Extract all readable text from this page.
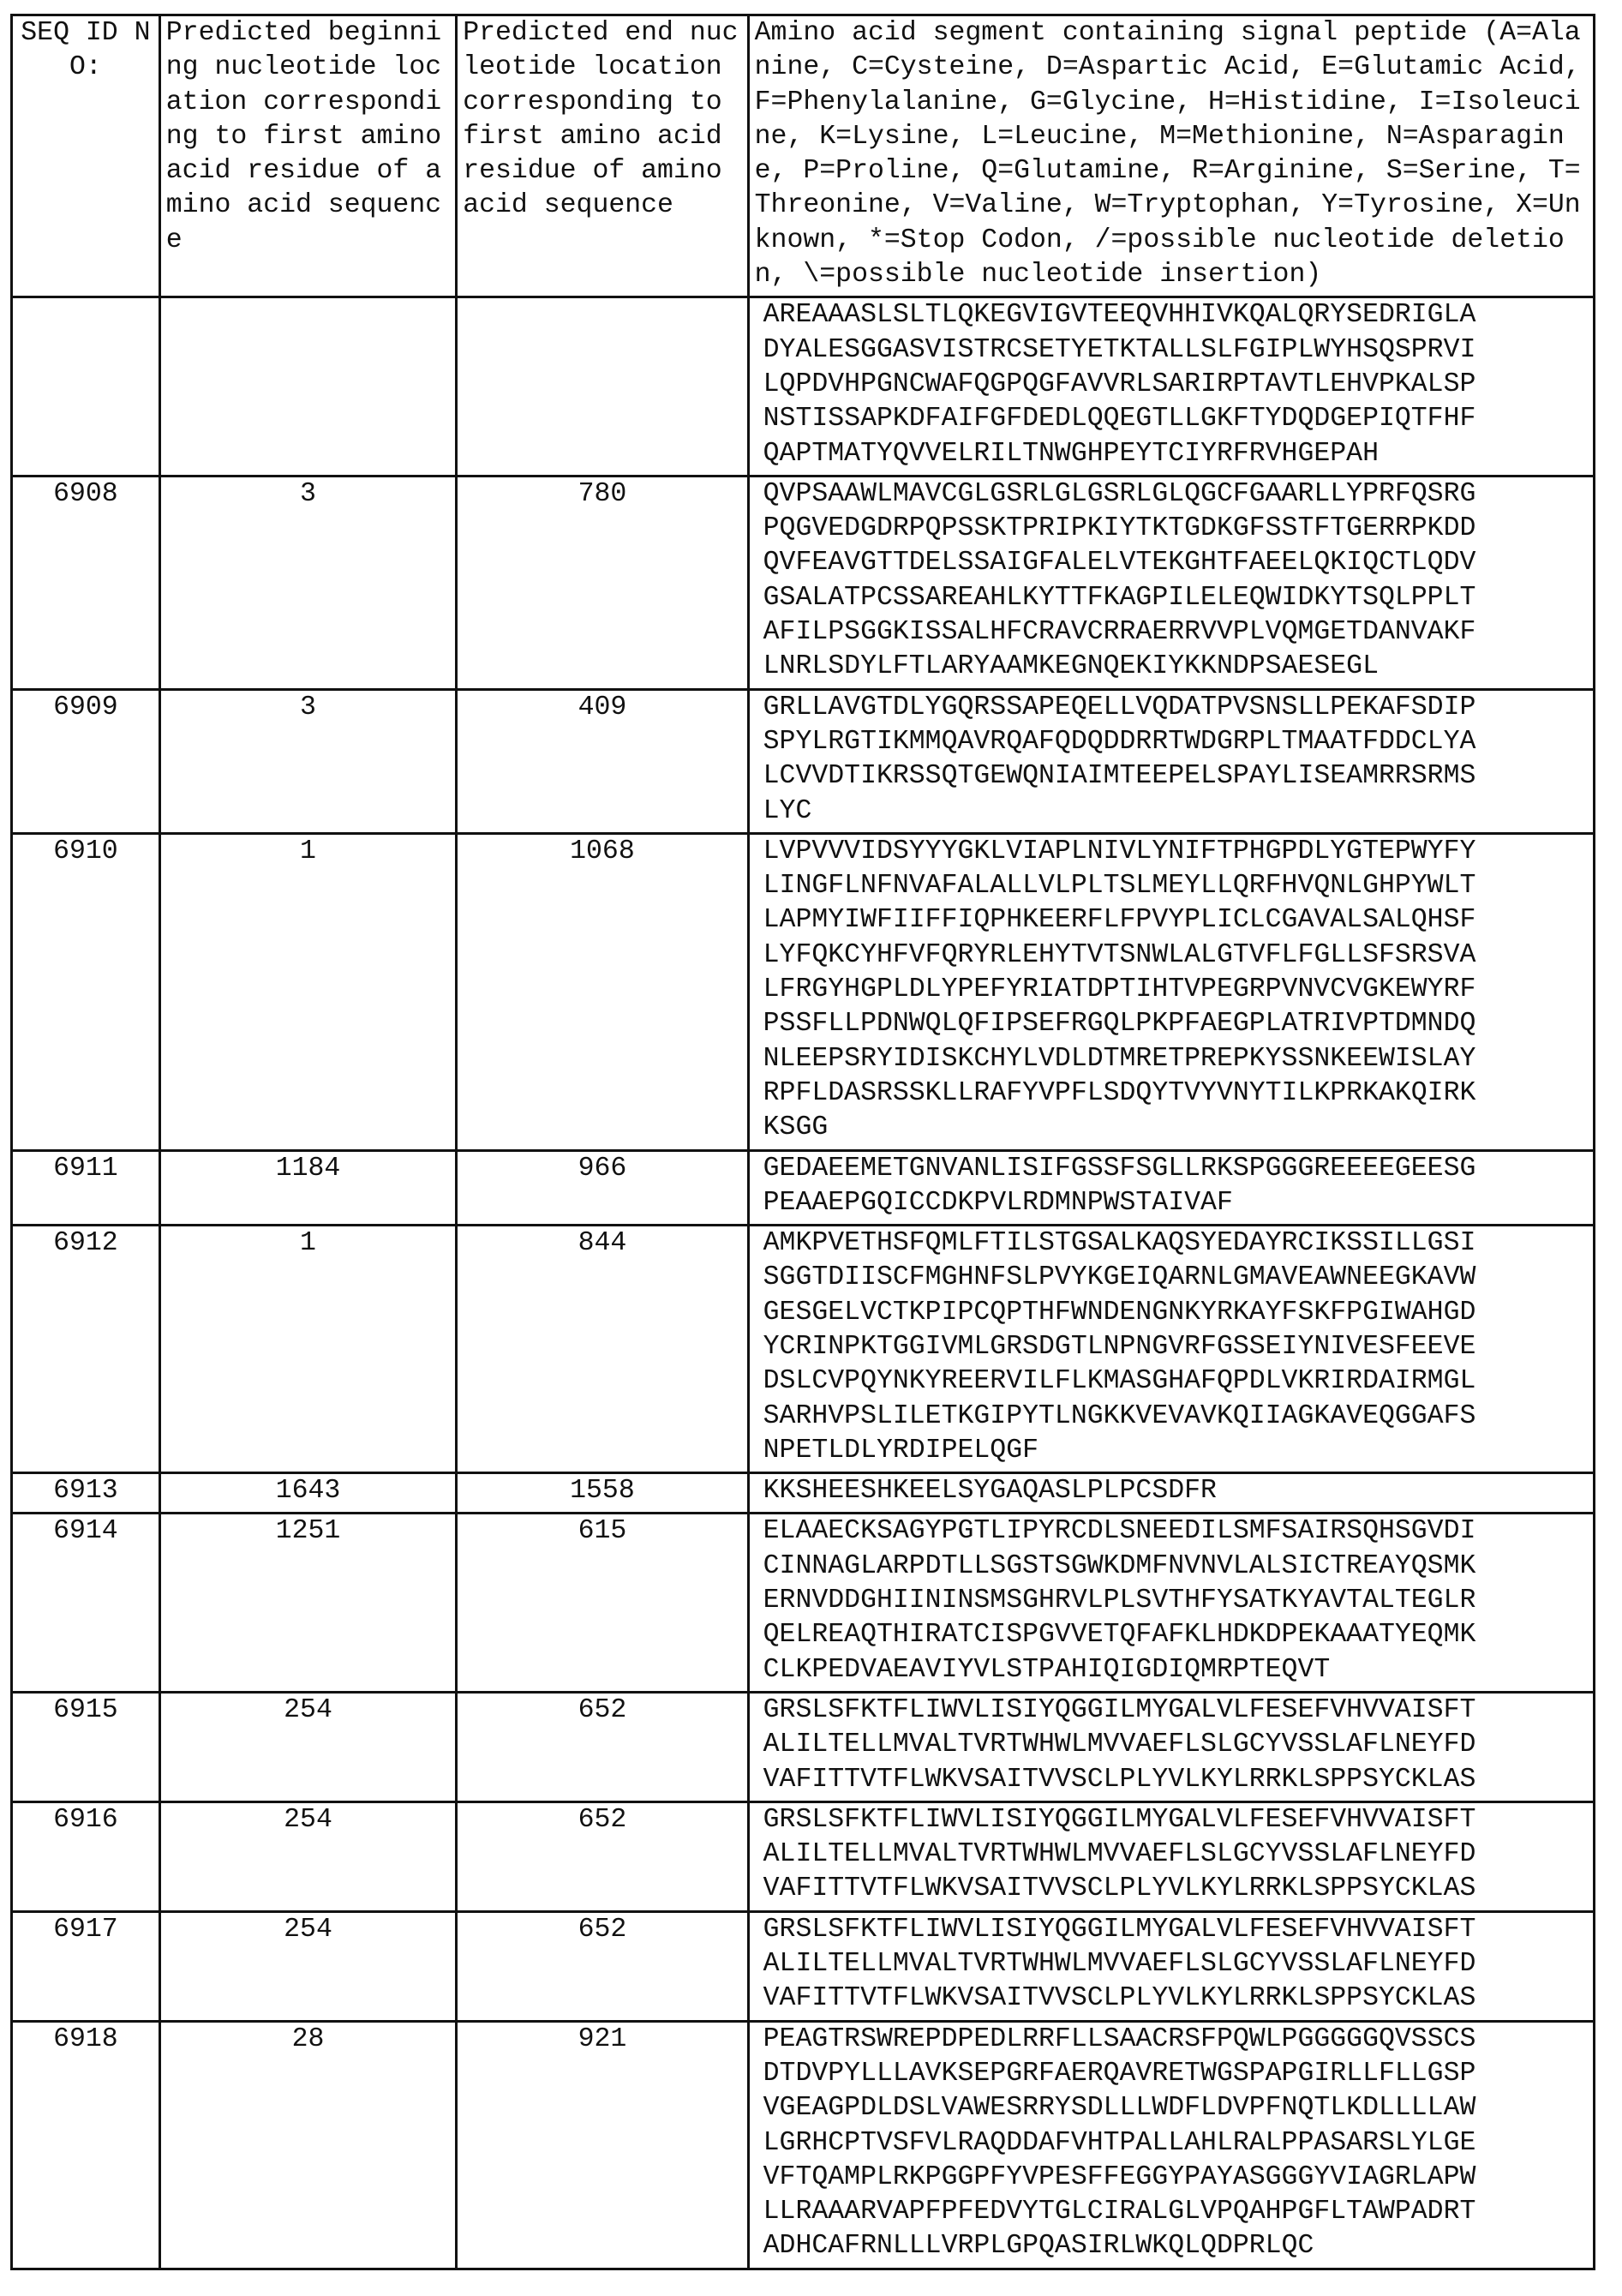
SEQ ID NO:	Predicted beginning nucleotide location corresponding to first amino acid residue of amino acid sequence	Predicted end nucleotide location corresponding to first amino acid residue of amino acid sequence	Amino acid segment containing signal peptide (A=Alanine, C=Cysteine, D=Aspartic Acid, E=Glutamic Acid, F=Phenylalanine, G=Glycine, H=Histidine, I=Isoleucine, K=Lysine, L=Leucine, M=Methionine, N=Asparagine, P=Proline, Q=Glutamine, R=Arginine, S=Serine, T=Threonine, V=Valine, W=Tryptophan, Y=Tyrosine, X=Unknown, *=Stop Codon, /=possible nucleotide deletion, \=possible nucleotide insertion)
			AREAAASLSLTLQKEGVIGVTEEQVHHIVKQALQRYSEDRIGLA
DYALESGGASVISTRCSETYETKTALLSLFGIPLWYHSQSPRVI
LQPDVHPGNCWAFQGPQGFAVVRLSARIRPTAVTLEHVPKALSP
NSTISSAPKDFAIFGFDEDLQQEGTLLGKFTYDQDGEPIQTFHF
QAPTMATYQVVELRILTNWGHPEYTCIYRFRVHGEPAH
6908	3	780	QVPSAAWLMAVCGLGSRLGLGSRLGLQGCFGAARLLYPRFQSRG
PQGVEDGDRPQPSSKTPRIPKIYTKTGDKGFSSTFTGERRPKDD
QVFEAVGTTDELSSAIGFALELVTEKGHTFAEELQKIQCTLQDV
GSALATPCSSAREAHLKYTTFKAGPILELEQWIDKYTSQLPPLT
AFILPSGGKISSALHFCRAVCRRAERRVVPLVQMGETDANVAKF
LNRLSDYLFTLARYAAMKEGNQEKIYKKNDPSAESEGL
6909	3	409	GRLLAVGTDLYGQRSSAPEQELLVQDATPVSNSLLPEKAFSDIP
SPYLRGTIKMMQAVRQAFQDQDDRRTWDGRPLTMAATFDDCLYA
LCVVDTIKRSSQTGEWQNIAIMTEEPELSPAYLISEAMRRSRMS
LYC
6910	1	1068	LVPVVVIDSYYYGKLVIAPLNIVLYNIFTPHGPDLYGTEPWYFY
LINGFLNFNVAFALALLVLPLTSLMEYLLQRFHVQNLGHPYWLT
LAPMYIWFIIFFIQPHKEERFLFPVYPLICLCGAVALSALQHSF
LYFQKCYHFVFQRYRLEHYTVTSNWLALGTVFLFGLLSFSRSVA
LFRGYHGPLDLYPEFYRIATDPTIHTVPEGRPVNVCVGKEWYRF
PSSFLLPDNWQLQFIPSEFRGQLPKPFAEGPLATRIVPTDMNDQ
NLEEPSRYIDISKCHYLVDLDTMRETPREPKYSSNKEEWISLAY
RPFLDASRSSKLLRAFYVPFLSDQYTVYVNYTILKPRKAKQIRK
KSGG
6911	1184	966	GEDAEEMETGNVANLISIFGSSFSGLLRKSPGGGREEEEGEESG
PEAAEPGQICCDKPVLRDMNPWSTAIVAF
6912	1	844	AMKPVETHSFQMLFTILSTGSALKAQSYEDAYRCIKSSILLGSI
SGGTDIISCFMGHNFSLPVYKGEIQARNLGMAVEAWNEEGKAVW
GESGELVCTKPIPCQPTHFWNDENGNKYRKAYFSKFPGIWAHGD
YCRINPKTGGIVMLGRSDGTLNPNGVRFGSSEIYNIVESFEEVE
DSLCVPQYNKYREERVILFLKMASGHAFQPDLVKRIRDAIRMGL
SARHVPSLILETKGIPYTLNGKKVEVAVKQIIAGKAVEQGGAFS
NPETLDLYRDIPELQGF
6913	1643	1558	KKSHEESHKEELSYGAQASLPLPCSDFR
6914	1251	615	ELAAECKSAGYPGTLIPYRCDLSNEEDILSMFSAIRSQHSGVDI
CINNAGLARPDTLLSGSTSGWKDMFNVNVLALSICTREAYQSMK
ERNVDDGHIININSMSGHRVLPLSVTHFYSATKYAVTALTEGLR
QELREAQTHIRATCISPGVVETQFAFKLHDKDPEKAAATYEQMK
CLKPEDVAEAVIYVLSTPAHIQIGDIQMRPTEQVT
6915	254	652	GRSLSFKTFLIWVLISIYQGGILMYGALVLFESEFVHVVAISFT
ALILTELLMVALTVRTWHWLMVVAEFLSLGCYVSSLAFLNEYFD
VAFITTVTFLWKVSAITVVSCLPLYVLKYLRRKLSPPSYCKLAS
6916	254	652	GRSLSFKTFLIWVLISIYQGGILMYGALVLFESEFVHVVAISFT
ALILTELLMVALTVRTWHWLMVVAEFLSLGCYVSSLAFLNEYFD
VAFITTVTFLWKVSAITVVSCLPLYVLKYLRRKLSPPSYCKLAS
6917	254	652	GRSLSFKTFLIWVLISIYQGGILMYGALVLFESEFVHVVAISFT
ALILTELLMVALTVRTWHWLMVVAEFLSLGCYVSSLAFLNEYFD
VAFITTVTFLWKVSAITVVSCLPLYVLKYLRRKLSPPSYCKLAS
6918	28	921	PEAGTRSWREPDPEDLRRFLLSAACRSFPQWLPGGGGGQVSSCS
DTDVPYLLLAVKSEPGRFAERQAVRETWGSPAPGIRLLFLLGSP
VGEAGPDLDSLVAWESRRYSDLLLWDFLDVPFNQTLKDLLLLAW
LGRHCPTVSFVLRAQDDAFVHTPALLAHLRALPPASARSLYLGE
VFTQAMPLRKPGGPFYVPESFFEGGYPAYASGGGYVIAGRLAPW
LLRAAARVAPFPFEDVYTGLCIRALGLVPQAHPGFLTAWPADRT
ADHCAFRNLLLVRPLGPQASIRLWKQLQDPRLQC
